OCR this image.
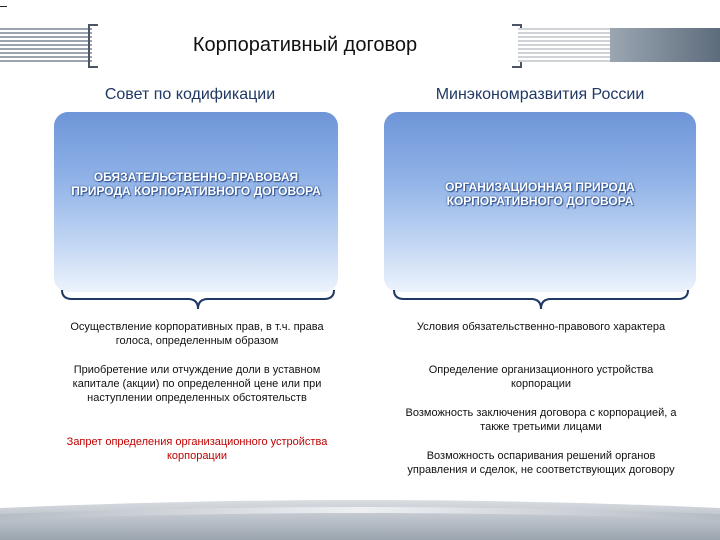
Корпоративный договор
Совет по кодификации	Минэкономразвития России
ОБЯЗАТЕЛЬСТВЕННО-ПРАВОВАЯ ПРИРОДА КОРПОРАТИВНОГО ДОГОВОРА	ОРГАНИЗАЦИОННАЯ ПРИРОДА КОРПОРАТИВНОГО ДОГОВОРА
Осуществление корпоративных прав, в т.ч. права голоса, определенным образом
Приобретение или отчуждение доли в уставном капитале (акции) по определенной цене или при наступлении определенных обстоятельств
Запрет определения организационного устройства корпорации
Условия обязательственно-правового характера
Определение организационного устройства корпорации
Возможность заключения договора с корпорацией, а также третьими лицами
Возможность оспаривания решений органов управления и сделок, не соответствующих договору
